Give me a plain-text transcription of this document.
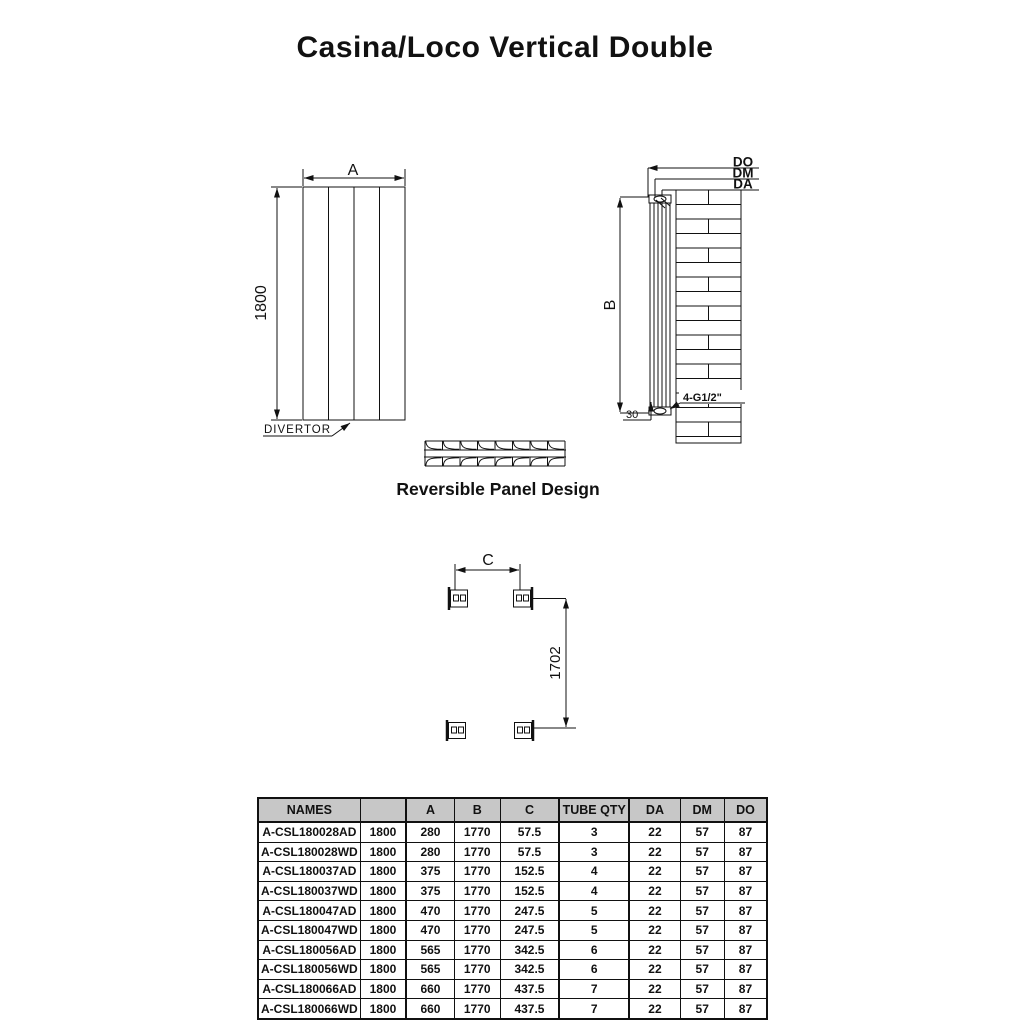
Casina/Loco Vertical Double
A
1800
DIVERTOR
DO
DM
DA
B
4-G1/2"
30
C
1702
Reversible Panel Design
NAMES		A	B	C	TUBE QTY	DA	DM	DO
A-CSL180028AD	1800	280	1770	57.5	3	22	57	87
A-CSL180028WD	1800	280	1770	57.5	3	22	57	87
A-CSL180037AD	1800	375	1770	152.5	4	22	57	87
A-CSL180037WD	1800	375	1770	152.5	4	22	57	87
A-CSL180047AD	1800	470	1770	247.5	5	22	57	87
A-CSL180047WD	1800	470	1770	247.5	5	22	57	87
A-CSL180056AD	1800	565	1770	342.5	6	22	57	87
A-CSL180056WD	1800	565	1770	342.5	6	22	57	87
A-CSL180066AD	1800	660	1770	437.5	7	22	57	87
A-CSL180066WD	1800	660	1770	437.5	7	22	57	87
